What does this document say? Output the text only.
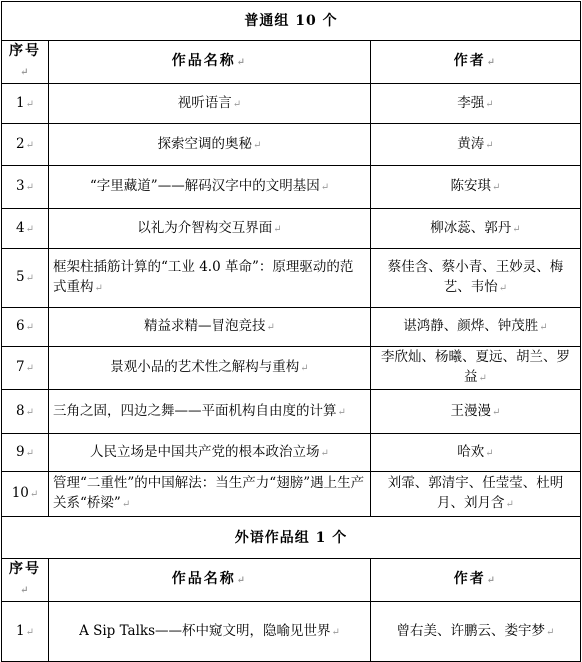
普通组 10 个		
序号↵	作品名称↵	作者↵
1↵	视听语言↵	李强↵
2↵	探索空调的奥秘↵	黄涛↵
3↵	“字里藏道”——解码汉字中的文明基因↵	陈安琪↵
4↵	以礼为介智构交互界面↵	柳冰蕊、郭丹↵
5↵	框架柱插筋计算的“工业 4.0 革命”：原理驱动的范式重构↵	蔡佳含、蔡小青、王妙灵、梅艺、韦怡↵
6↵	精益求精—冒泡竞技↵	谌鸿静、颜烨、钟茂胜↵
7↵	景观小品的艺术性之解构与重构↵	李欣灿、杨曦、夏远、胡兰、罗益↵
8↵	三角之固，四边之舞——平面机构自由度的计算↵	王漫漫↵
9↵	人民立场是中国共产党的根本政治立场↵	哈欢↵
10↵	管理“二重性”的中国解法：当生产力“翅膀”遇上生产关系“桥梁”↵	刘霏、郭清宇、任莹莹、杜明月、刘月含↵
外语作品组 1 个		
序号↵	作品名称↵	作者↵
1↵	A Sip Talks——杯中窥文明，隐喻见世界↵	曾右美、许鹏云、娄宇梦↵
